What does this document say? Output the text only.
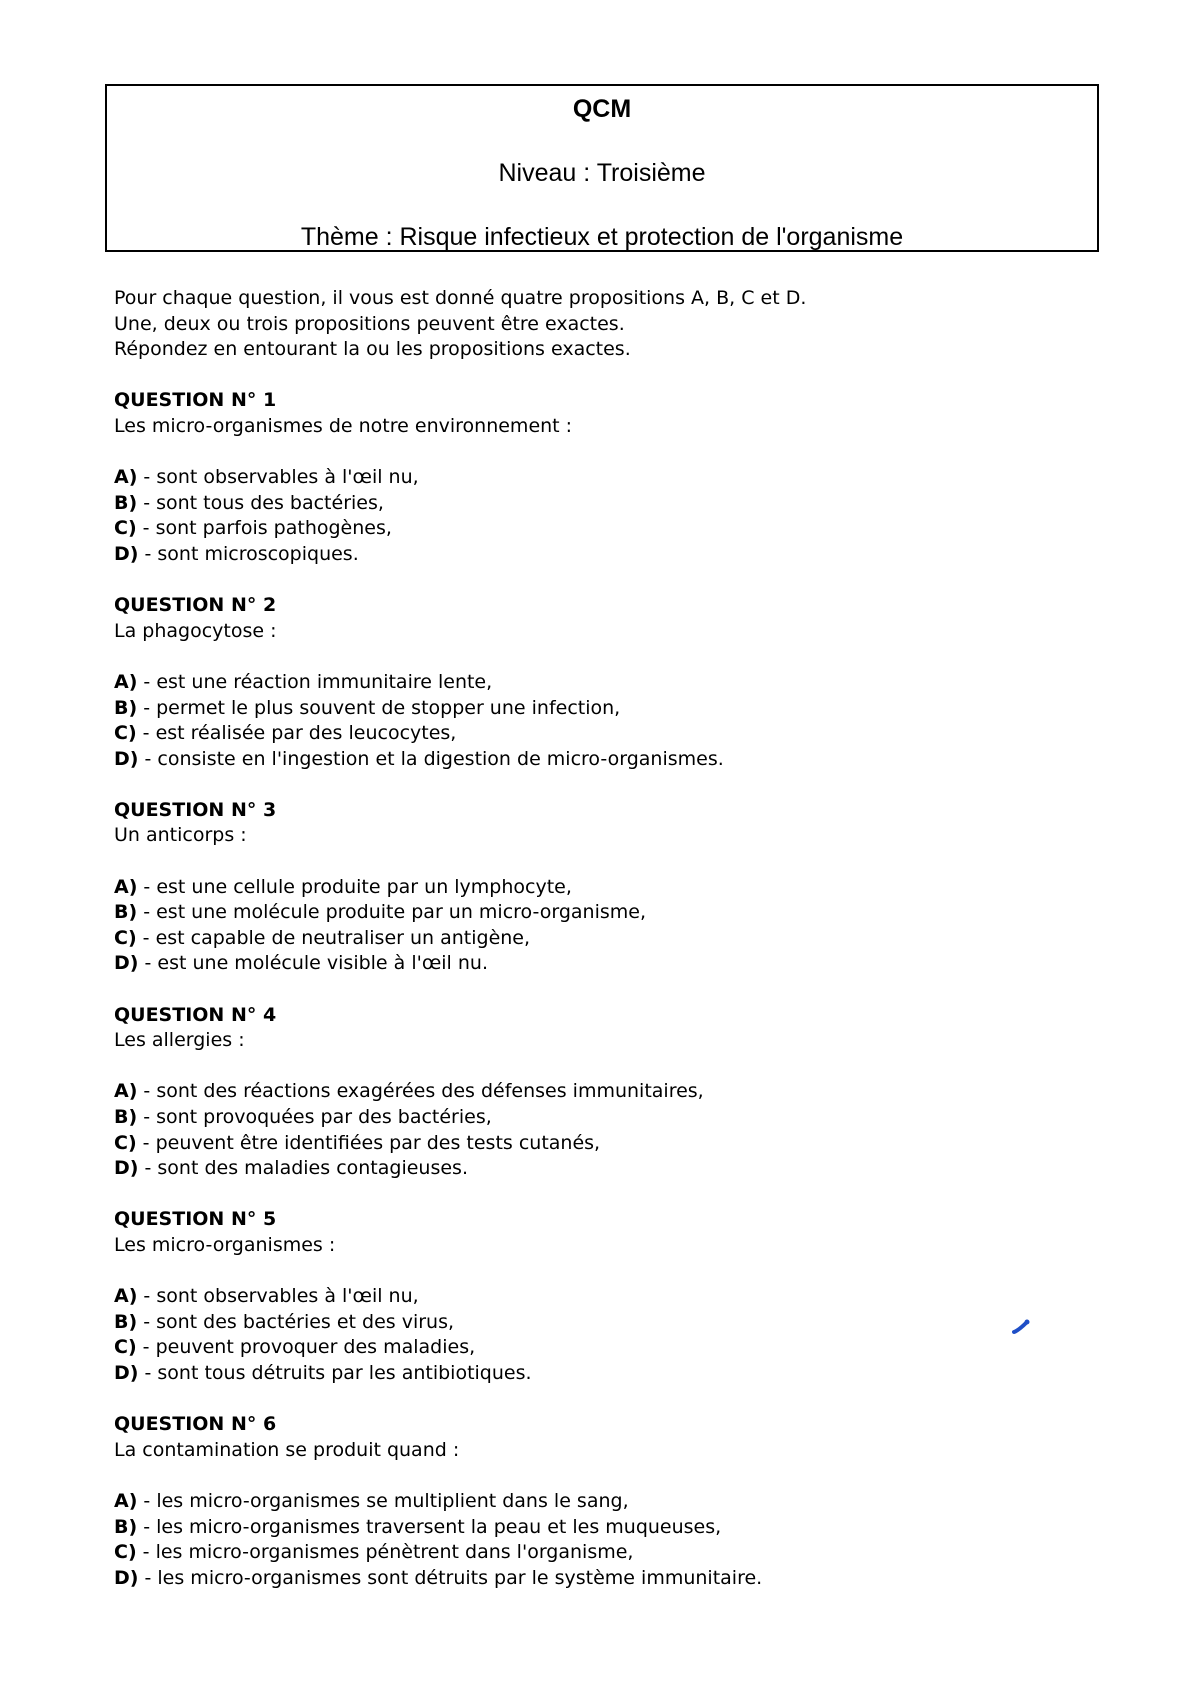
QCM
Niveau : Troisième
Thème : Risque infectieux et protection de l'organisme
Pour chaque question, il vous est donné quatre propositions A, B, C et D.
Une, deux ou trois propositions peuvent être exactes.
Répondez en entourant la ou les propositions exactes.
QUESTION N° 1
Les micro-organismes de notre environnement :
A) - sont observables à l'œil nu,
B) - sont tous des bactéries,
C) - sont parfois pathogènes,
D) - sont microscopiques.
QUESTION N° 2
La phagocytose :
A) - est une réaction immunitaire lente,
B) - permet le plus souvent de stopper une infection,
C) - est réalisée par des leucocytes,
D) - consiste en l'ingestion et la digestion de micro-organismes.
QUESTION N° 3
Un anticorps :
A) - est une cellule produite par un lymphocyte,
B) - est une molécule produite par un micro-organisme,
C) - est capable de neutraliser un antigène,
D) - est une molécule visible à l'œil nu.
QUESTION N° 4
Les allergies :
A) - sont des réactions exagérées des défenses immunitaires,
B) - sont provoquées par des bactéries,
C) - peuvent être identifiées par des tests cutanés,
D) - sont des maladies contagieuses.
QUESTION N° 5
Les micro-organismes :
A) - sont observables à l'œil nu,
B) - sont des bactéries et des virus,
C) - peuvent provoquer des maladies,
D) - sont tous détruits par les antibiotiques.
QUESTION N° 6
La contamination se produit quand :
A) - les micro-organismes se multiplient dans le sang,
B) - les micro-organismes traversent la peau et les muqueuses,
C) - les micro-organismes pénètrent dans l'organisme,
D) - les micro-organismes sont détruits par le système immunitaire.
